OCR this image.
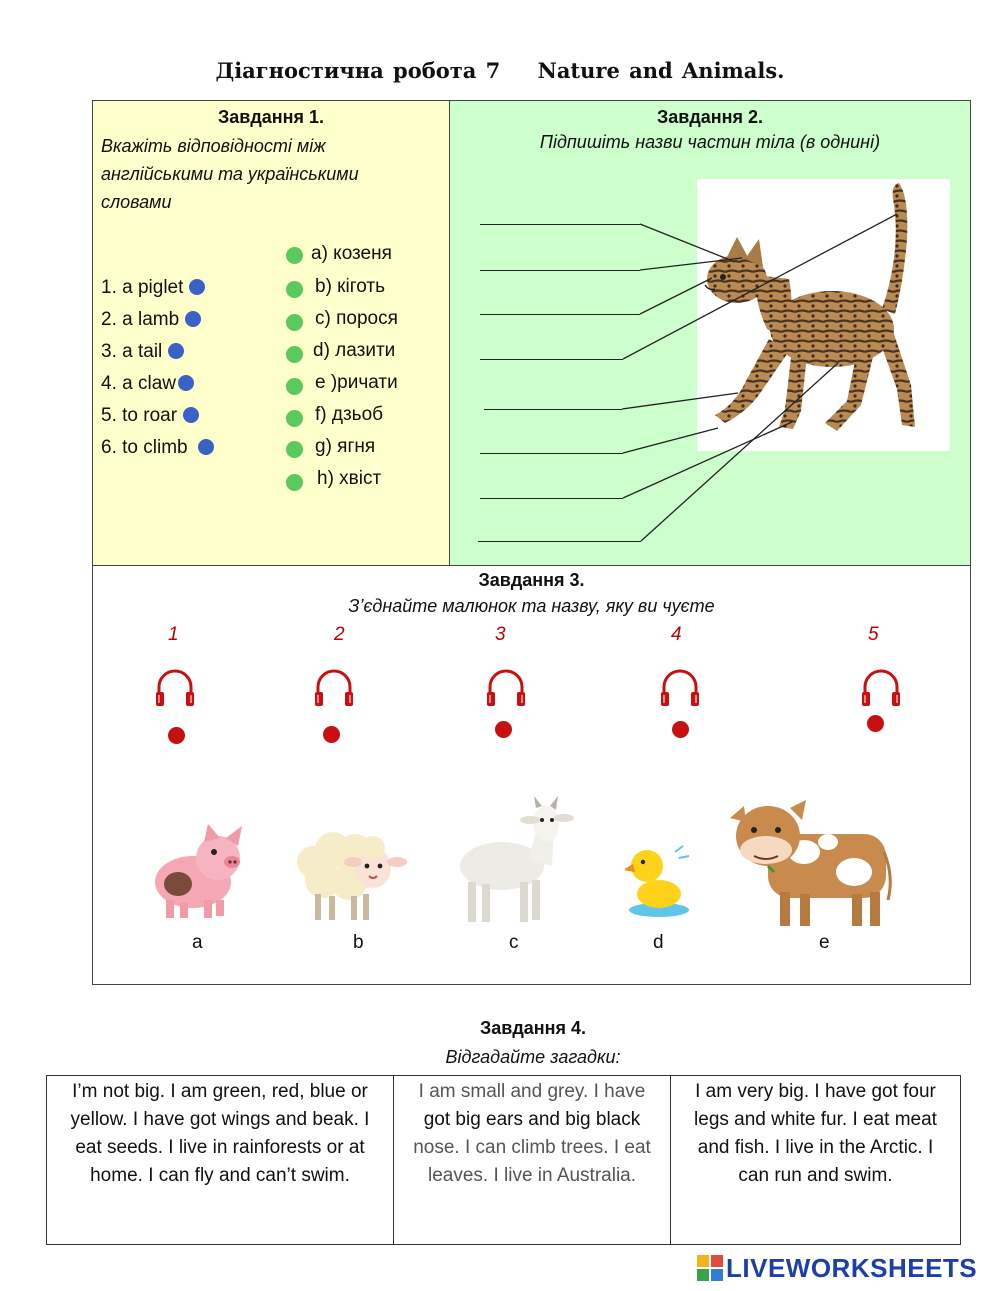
Діагностична робота 7 Nature and Animals.
Завдання 1.
Вкажіть відповідності між
англійськими та українськими
словами
1. a piglet
2. a lamb
3. a tail
4. a claw
5. to roar
6. to climb
a) козеня
b) кіготь
c) порося
d) лазити
e )ричати
f) дзьоб
g) ягня
h) хвіст
Завдання 2.
Підпишіть назви частин тіла (в однині)
Завдання 3.
З’єднайте малюнок та назву, яку ви чуєте
1	2	3	4	5
a	b	c	d	e
Завдання 4.
Відгадайте загадки:
I’m not big. I am green, red, blue or
yellow. I have got wings and beak. I
eat seeds. I live in rainforests or at
home. I can fly and can’t swim.

I am small and grey. I have
got big ears and big black
nose. I can climb trees. I eat
leaves. I live in Australia.

I am very big. I have got four
legs and white fur. I eat meat
and fish. I live in the Arctic. I
can run and swim.
LIVEWORKSHEETS
